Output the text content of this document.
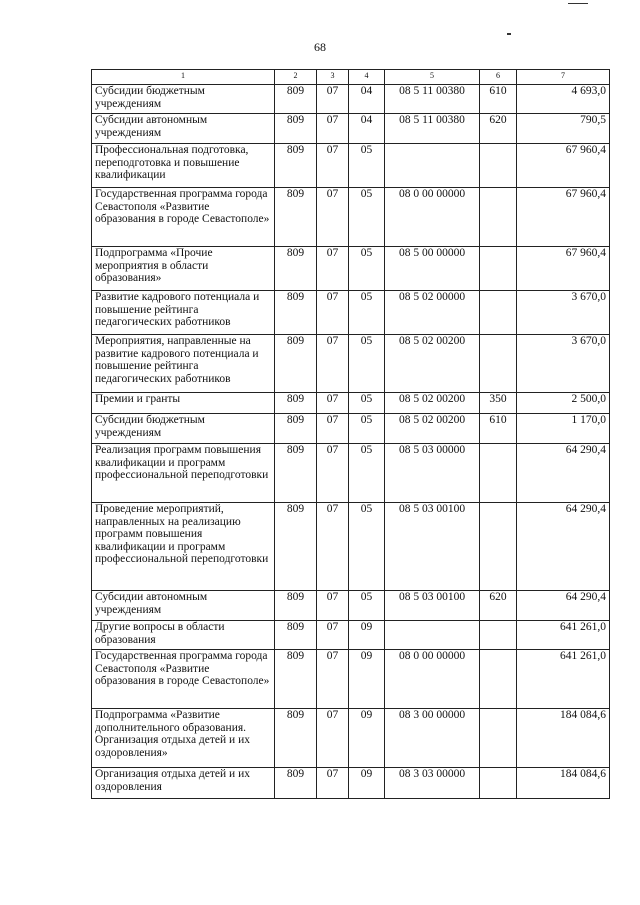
68
1	2	3	4	5	6	7
Субсидии бюджетным учреждениям	809	07	04	08 5 11 00380	610	4 693,0
Субсидии автономным учреждениям	809	07	04	08 5 11 00380	620	790,5
Профессиональная подготовка, переподготовка и повышение квалификации	809	07	05			67 960,4
Государственная программа города Севастополя «Развитие образования в городе Севастополе»	809	07	05	08 0 00 00000		67 960,4
Подпрограмма «Прочие мероприятия в области образования»	809	07	05	08 5 00 00000		67 960,4
Развитие кадрового потенциала и повышение рейтинга педагогических работников	809	07	05	08 5 02 00000		3 670,0
Мероприятия, направленные на развитие кадрового потенциала и повышение рейтинга педагогических работников	809	07	05	08 5 02 00200		3 670,0
Премии и гранты	809	07	05	08 5 02 00200	350	2 500,0
Субсидии бюджетным учреждениям	809	07	05	08 5 02 00200	610	1 170,0
Реализация программ повышения квалификации и программ профессиональной переподготовки	809	07	05	08 5 03 00000		64 290,4
Проведение мероприятий, направленных на реализацию программ повышения квалификации и программ профессиональной переподготовки	809	07	05	08 5 03 00100		64 290,4
Субсидии автономным учреждениям	809	07	05	08 5 03 00100	620	64 290,4
Другие вопросы в области образования	809	07	09			641 261,0
Государственная программа города Севастополя «Развитие образования в городе Севастополе»	809	07	09	08 0 00 00000		641 261,0
Подпрограмма «Развитие дополнительного образования. Организация отдыха детей и их оздоровления»	809	07	09	08 3 00 00000		184 084,6
Организация отдыха детей и их оздоровления	809	07	09	08 3 03 00000		184 084,6
